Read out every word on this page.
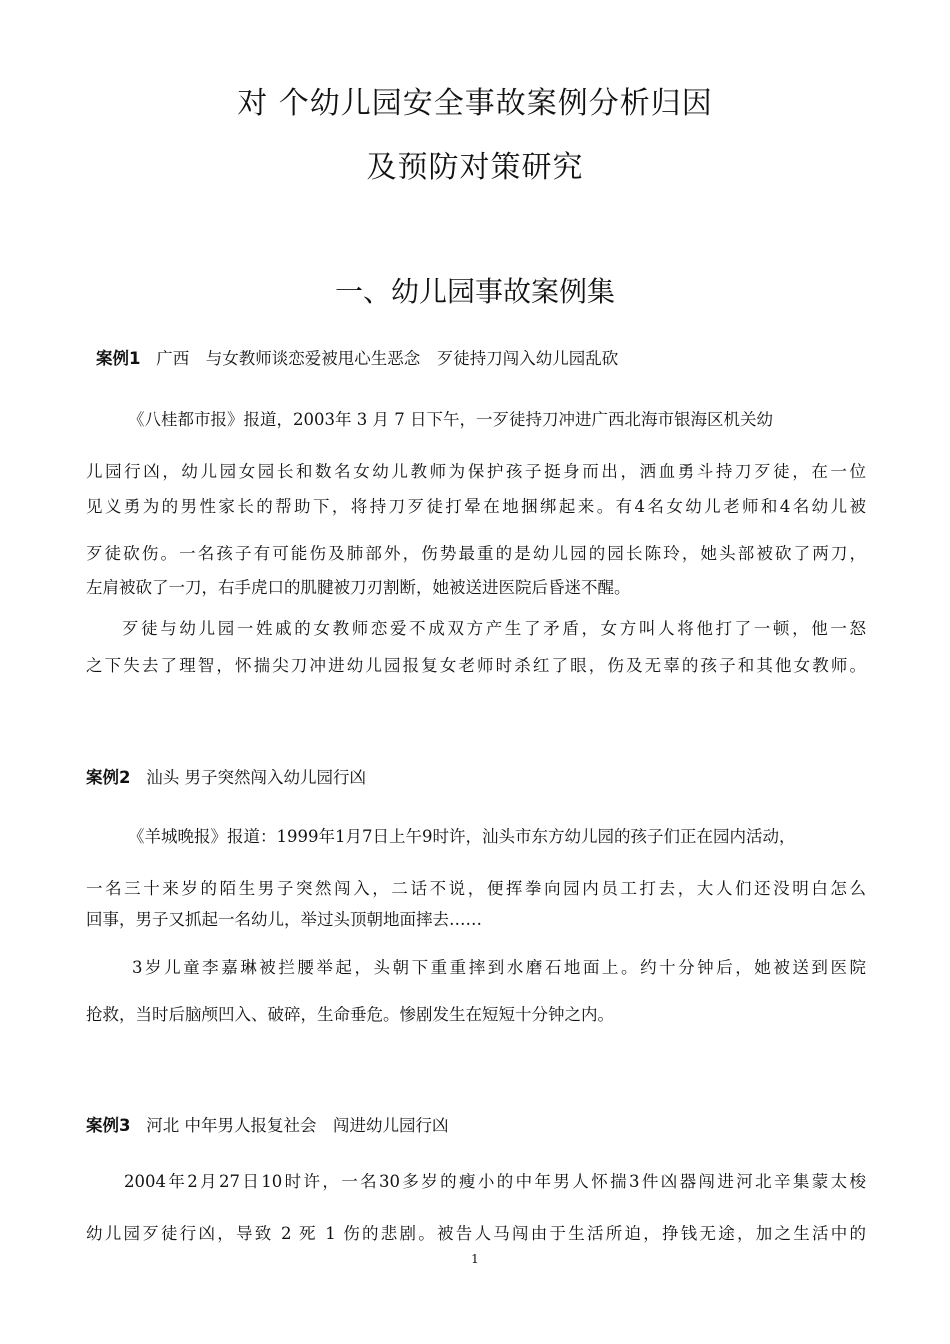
对 个幼儿园安全事故案例分析归因
及预防对策研究
一、幼儿园事故案例集
案例1 广西　与女教师谈恋爱被甩心生恶念　歹徒持刀闯入幼儿园乱砍
《八桂都市报》报道，2003年 3 月 7 日下午，一歹徒持刀冲进广西北海市银海区机关幼
儿园行凶，幼儿园女园长和数名女幼儿教师为保护孩子挺身而出，洒血勇斗持刀歹徒，在一位
见义勇为的男性家长的帮助下，将持刀歹徒打晕在地捆绑起来。有4名女幼儿老师和4名幼儿被
歹徒砍伤。一名孩子有可能伤及肺部外，伤势最重的是幼儿园的园长陈玲，她头部被砍了两刀，
左肩被砍了一刀，右手虎口的肌腱被刀刃割断，她被送进医院后昏迷不醒。
歹徒与幼儿园一姓戚的女教师恋爱不成双方产生了矛盾，女方叫人将他打了一顿，他一怒
之下失去了理智，怀揣尖刀冲进幼儿园报复女老师时杀红了眼，伤及无辜的孩子和其他女教师。
案例2 汕头 男子突然闯入幼儿园行凶
《羊城晚报》报道：1999年1月7日上午9时许，汕头市东方幼儿园的孩子们正在园内活动，
一名三十来岁的陌生男子突然闯入，二话不说，便挥拳向园内员工打去，大人们还没明白怎么
回事，男子又抓起一名幼儿，举过头顶朝地面摔去……
3岁儿童李嘉琳被拦腰举起，头朝下重重摔到水磨石地面上。约十分钟后，她被送到医院
抢救，当时后脑颅凹入、破碎，生命垂危。惨剧发生在短短十分钟之内。
案例3 河北 中年男人报复社会　闯进幼儿园行凶
2004年2月27日10时许，一名30多岁的瘦小的中年男人怀揣3件凶器闯进河北辛集蒙太梭
幼儿园歹徒行凶，导致 2 死 1 伤的悲剧。被告人马闯由于生活所迫，挣钱无途，加之生活中的
1
